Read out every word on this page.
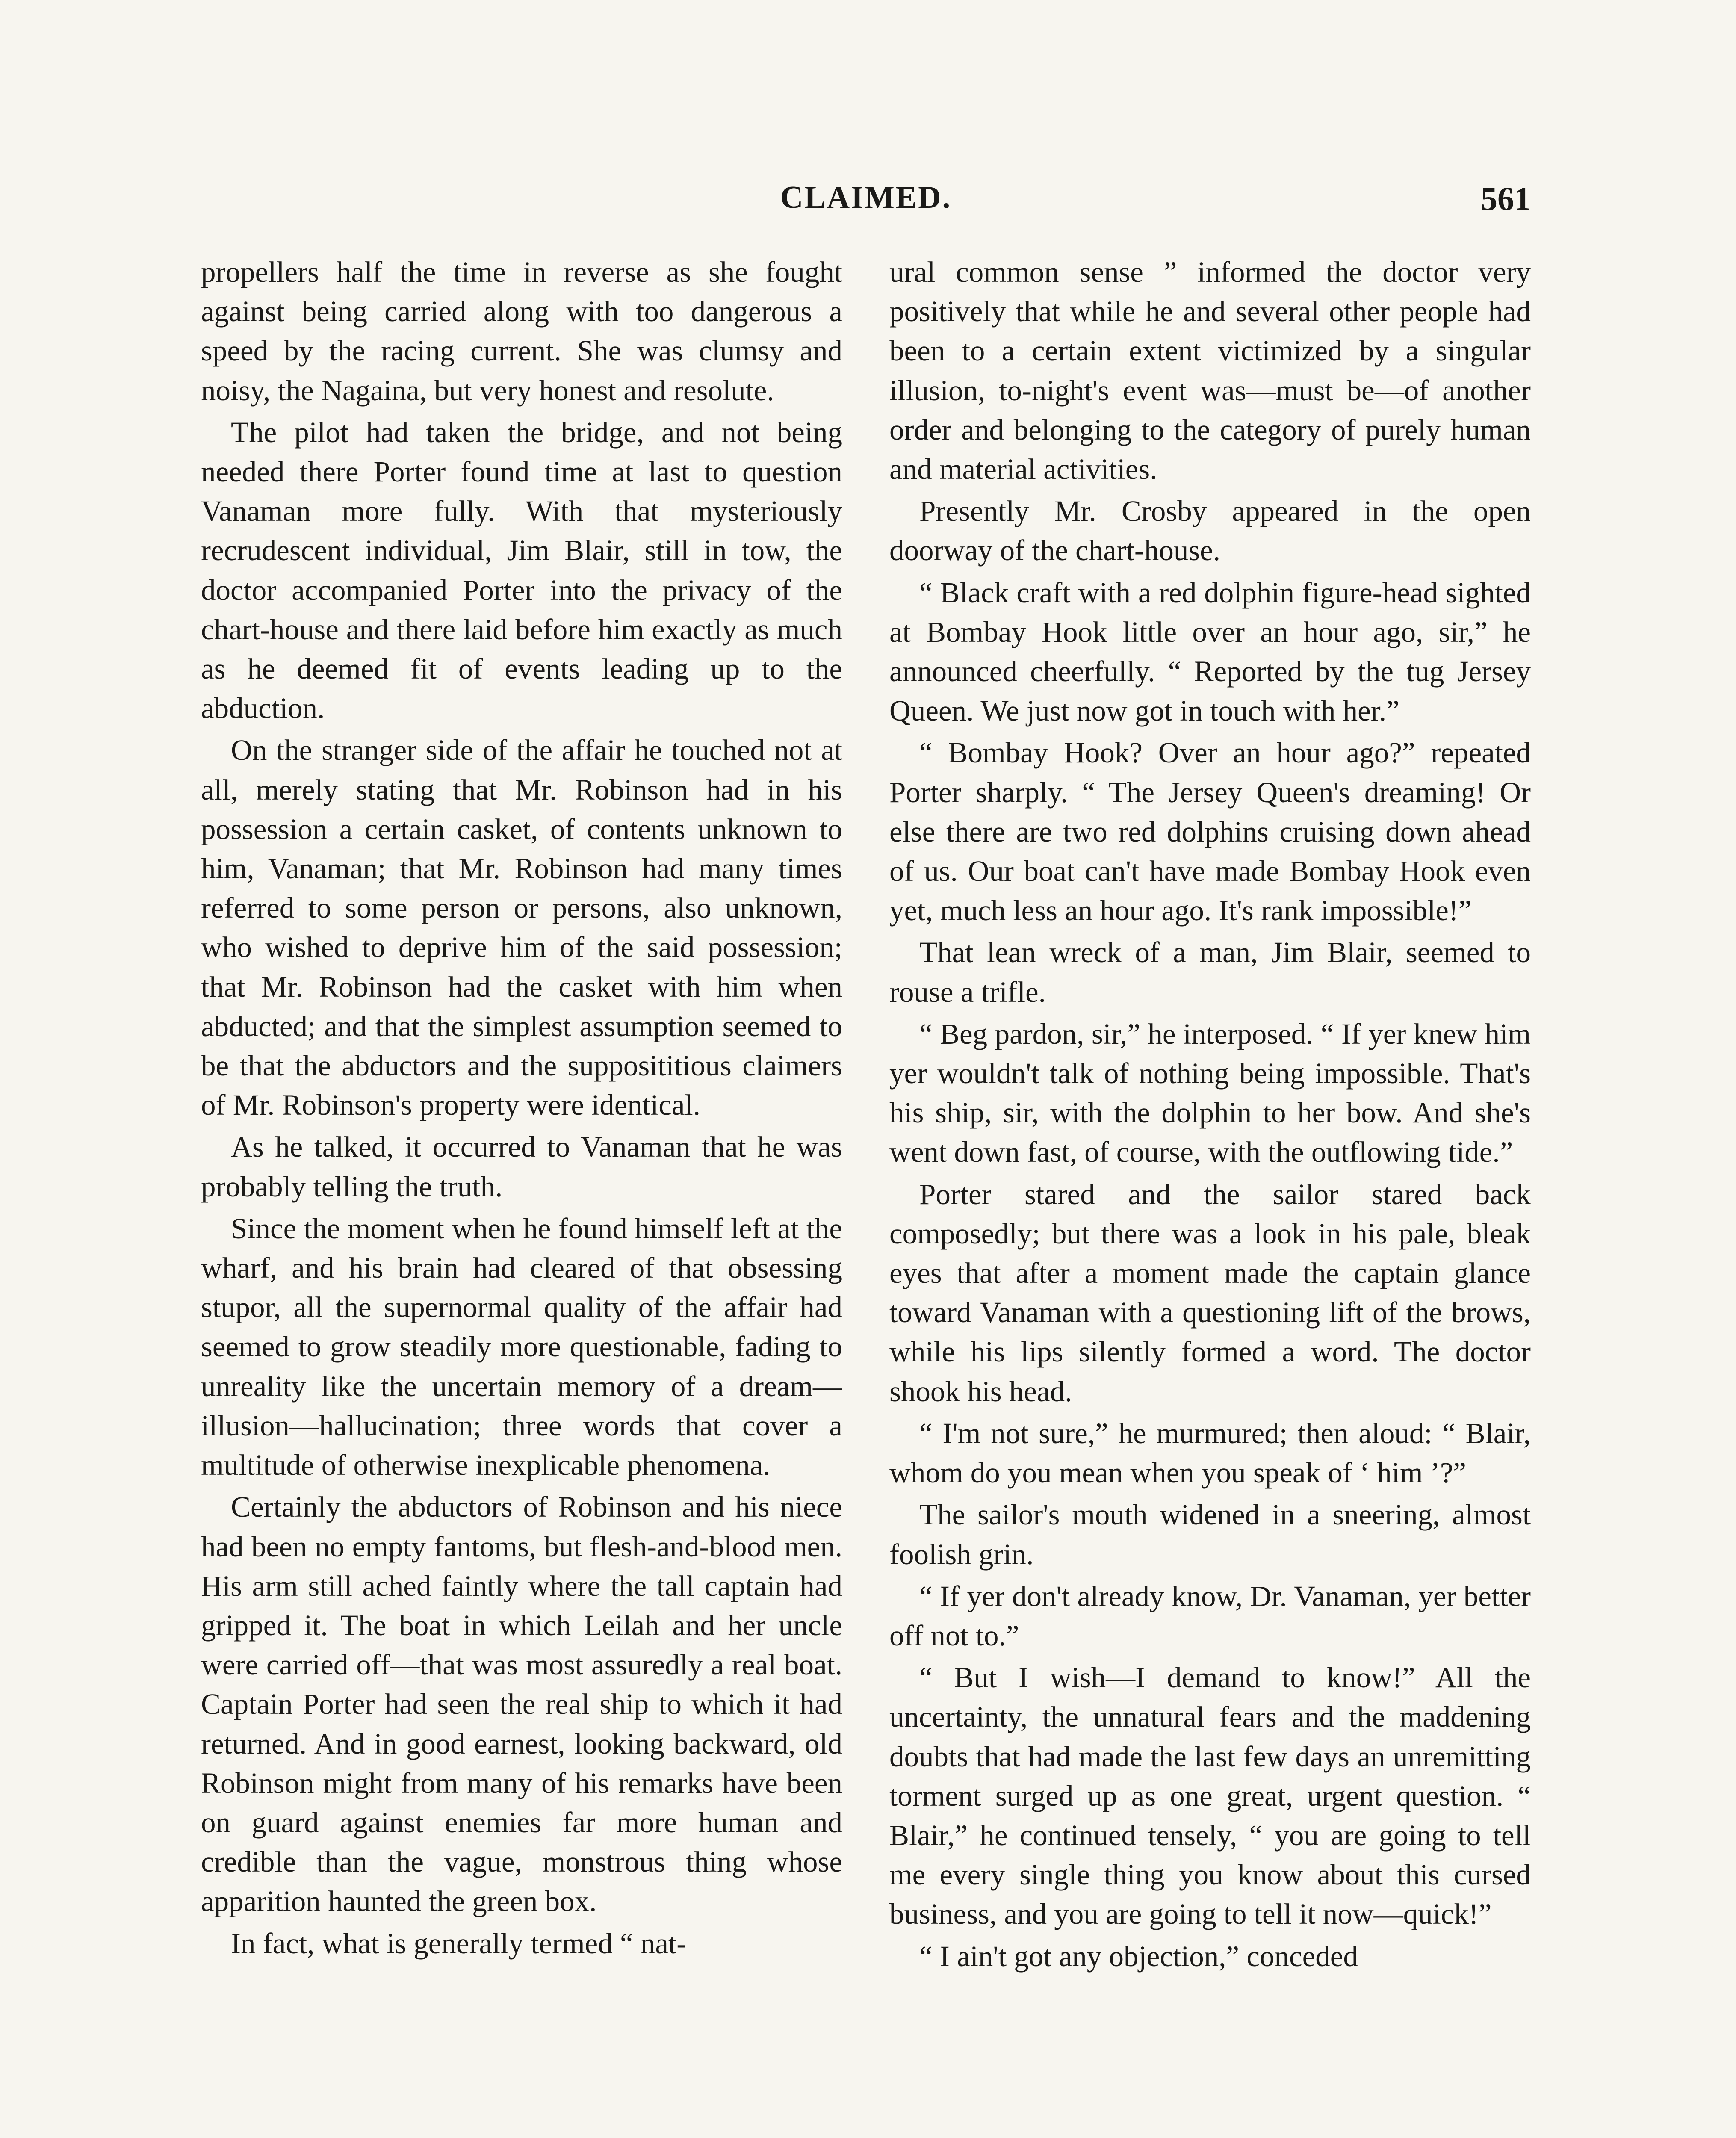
CLAIMED.	561

propellers half the time in reverse as she fought against being carried along with too dangerous a speed by the racing current. She was clumsy and noisy, the Nagaina, but very honest and resolute.

The pilot had taken the bridge, and not being needed there Porter found time at last to question Vanaman more fully. With that mysteriously recrudescent individual, Jim Blair, still in tow, the doctor accompanied Porter into the privacy of the chart-house and there laid before him exactly as much as he deemed fit of events leading up to the abduction.

On the stranger side of the affair he touched not at all, merely stating that Mr. Robinson had in his possession a certain casket, of contents unknown to him, Vanaman; that Mr. Robinson had many times referred to some person or persons, also unknown, who wished to deprive him of the said possession; that Mr. Robinson had the casket with him when abducted; and that the simplest assumption seemed to be that the abductors and the supposititious claimers of Mr. Robinson's property were identical.

As he talked, it occurred to Vanaman that he was probably telling the truth.

Since the moment when he found himself left at the wharf, and his brain had cleared of that obsessing stupor, all the supernormal quality of the affair had seemed to grow steadily more questionable, fading to unreality like the uncertain memory of a dream—illusion—hallucination; three words that cover a multitude of otherwise inexplicable phenomena.

Certainly the abductors of Robinson and his niece had been no empty fantoms, but flesh-and-blood men. His arm still ached faintly where the tall captain had gripped it. The boat in which Leilah and her uncle were carried off—that was most assuredly a real boat. Captain Porter had seen the real ship to which it had returned. And in good earnest, looking backward, old Robinson might from many of his remarks have been on guard against enemies far more human and credible than the vague, monstrous thing whose apparition haunted the green box.

In fact, what is generally termed “ nat-

ural common sense ” informed the doctor very positively that while he and several other people had been to a certain extent victimized by a singular illusion, to-night's event was—must be—of another order and belonging to the category of purely human and material activities.

Presently Mr. Crosby appeared in the open doorway of the chart-house.

“ Black craft with a red dolphin figure-head sighted at Bombay Hook little over an hour ago, sir,” he announced cheerfully. “ Reported by the tug Jersey Queen. We just now got in touch with her.”

“ Bombay Hook? Over an hour ago?” repeated Porter sharply. “ The Jersey Queen's dreaming! Or else there are two red dolphins cruising down ahead of us. Our boat can't have made Bombay Hook even yet, much less an hour ago. It's rank impossible!”

That lean wreck of a man, Jim Blair, seemed to rouse a trifle.

“ Beg pardon, sir,” he interposed. “ If yer knew him yer wouldn't talk of nothing being impossible. That's his ship, sir, with the dolphin to her bow. And she's went down fast, of course, with the outflowing tide.”

Porter stared and the sailor stared back composedly; but there was a look in his pale, bleak eyes that after a moment made the captain glance toward Vanaman with a questioning lift of the brows, while his lips silently formed a word. The doctor shook his head.

“ I'm not sure,” he murmured; then aloud: “ Blair, whom do you mean when you speak of ‘ him ’?”

The sailor's mouth widened in a sneering, almost foolish grin.

“ If yer don't already know, Dr. Vanaman, yer better off not to.”

“ But I wish—I demand to know!” All the uncertainty, the unnatural fears and the maddening doubts that had made the last few days an unremitting torment surged up as one great, urgent question. “ Blair,” he continued tensely, “ you are going to tell me every single thing you know about this cursed business, and you are going to tell it now—quick!”

“ I ain't got any objection,” conceded
